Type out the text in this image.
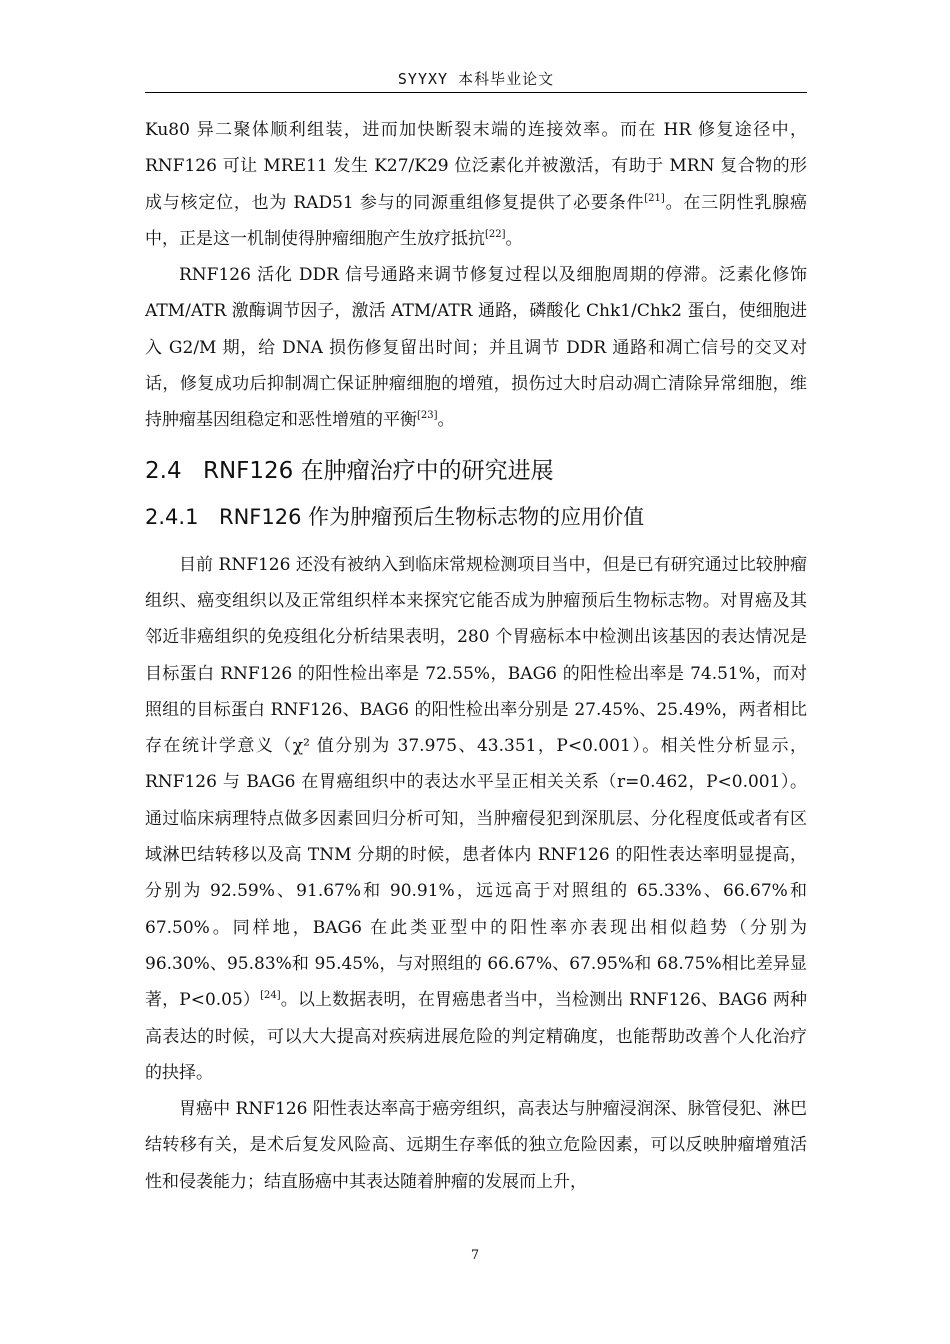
SYYXY 本科毕业论文

Ku80 异二聚体顺利组装，进而加快断裂末端的连接效率。而在 HR 修复途径中，RNF126 可让 MRE11 发生 K27/K29 位泛素化并被激活，有助于 MRN 复合物的形成与核定位，也为 RAD51 参与的同源重组修复提供了必要条件[21]。在三阴性乳腺癌中，正是这一机制使得肿瘤细胞产生放疗抵抗[22]。

RNF126 活化 DDR 信号通路来调节修复过程以及细胞周期的停滞。泛素化修饰 ATM/ATR 激酶调节因子，激活 ATM/ATR 通路，磷酸化 Chk1/Chk2 蛋白，使细胞进入 G2/M 期，给 DNA 损伤修复留出时间；并且调节 DDR 通路和凋亡信号的交叉对话，修复成功后抑制凋亡保证肿瘤细胞的增殖，损伤过大时启动凋亡清除异常细胞，维持肿瘤基因组稳定和恶性增殖的平衡[23]。

2.4 RNF126 在肿瘤治疗中的研究进展
2.4.1 RNF126 作为肿瘤预后生物标志物的应用价值

目前 RNF126 还没有被纳入到临床常规检测项目当中，但是已有研究通过比较肿瘤组织、癌变组织以及正常组织样本来探究它能否成为肿瘤预后生物标志物。对胃癌及其邻近非癌组织的免疫组化分析结果表明，280 个胃癌标本中检测出该基因的表达情况是目标蛋白 RNF126 的阳性检出率是 72.55%，BAG6 的阳性检出率是 74.51%，而对照组的目标蛋白 RNF126、BAG6 的阳性检出率分别是 27.45%、25.49%，两者相比存在统计学意义（χ² 值分别为 37.975、43.351，P<0.001）。相关性分析显示，RNF126 与 BAG6 在胃癌组织中的表达水平呈正相关关系（r=0.462，P<0.001）。通过临床病理特点做多因素回归分析可知，当肿瘤侵犯到深肌层、分化程度低或者有区域淋巴结转移以及高 TNM 分期的时候，患者体内 RNF126 的阳性表达率明显提高，分别为 92.59%、91.67%和 90.91%，远远高于对照组的 65.33%、66.67%和 67.50%。同样地，BAG6 在此类亚型中的阳性率亦表现出相似趋势（分别为 96.30%、95.83%和 95.45%，与对照组的 66.67%、67.95%和 68.75%相比差异显著，P<0.05）[24]。以上数据表明，在胃癌患者当中，当检测出 RNF126、BAG6 两种高表达的时候，可以大大提高对疾病进展危险的判定精确度，也能帮助改善个人化治疗的抉择。

胃癌中 RNF126 阳性表达率高于癌旁组织，高表达与肿瘤浸润深、脉管侵犯、淋巴结转移有关，是术后复发风险高、远期生存率低的独立危险因素，可以反映肿瘤增殖活性和侵袭能力；结直肠癌中其表达随着肿瘤的发展而上升，

7
